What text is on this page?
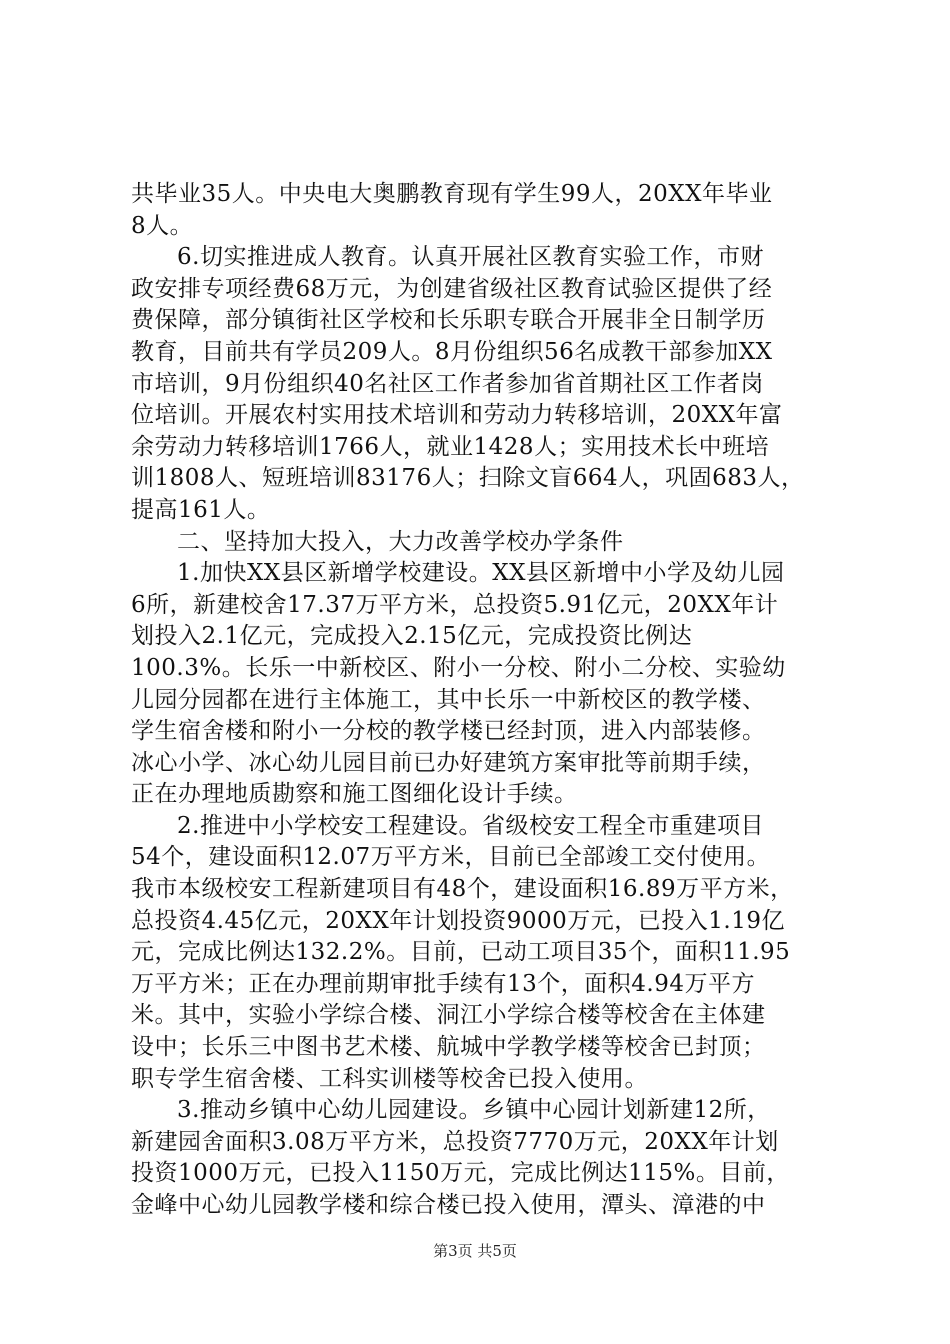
共毕业35人。中央电大奥鹏教育现有学生99人，20XX年毕业
8人。
6.切实推进成人教育。认真开展社区教育实验工作，市财
政安排专项经费68万元，为创建省级社区教育试验区提供了经
费保障，部分镇街社区学校和长乐职专联合开展非全日制学历
教育，目前共有学员209人。8月份组织56名成教干部参加XX
市培训，9月份组织40名社区工作者参加省首期社区工作者岗
位培训。开展农村实用技术培训和劳动力转移培训，20XX年富
余劳动力转移培训1766人，就业1428人；实用技术长中班培
训1808人、短班培训83176人；扫除文盲664人，巩固683人，
提高161人。
二、坚持加大投入，大力改善学校办学条件
1.加快XX县区新增学校建设。XX县区新增中小学及幼儿园
6所，新建校舍17.37万平方米，总投资5.91亿元，20XX年计
划投入2.1亿元，完成投入2.15亿元，完成投资比例达
100.3%。长乐一中新校区、附小一分校、附小二分校、实验幼
儿园分园都在进行主体施工，其中长乐一中新校区的教学楼、
学生宿舍楼和附小一分校的教学楼已经封顶，进入内部装修。
冰心小学、冰心幼儿园目前已办好建筑方案审批等前期手续，
正在办理地质勘察和施工图细化设计手续。
2.推进中小学校安工程建设。省级校安工程全市重建项目
54个，建设面积12.07万平方米，目前已全部竣工交付使用。
我市本级校安工程新建项目有48个，建设面积16.89万平方米，
总投资4.45亿元，20XX年计划投资9000万元，已投入1.19亿
元，完成比例达132.2%。目前，已动工项目35个，面积11.95
万平方米；正在办理前期审批手续有13个，面积4.94万平方
米。其中，实验小学综合楼、洞江小学综合楼等校舍在主体建
设中；长乐三中图书艺术楼、航城中学教学楼等校舍已封顶；
职专学生宿舍楼、工科实训楼等校舍已投入使用。
3.推动乡镇中心幼儿园建设。乡镇中心园计划新建12所，
新建园舍面积3.08万平方米，总投资7770万元，20XX年计划
投资1000万元，已投入1150万元，完成比例达115%。目前，
金峰中心幼儿园教学楼和综合楼已投入使用，潭头、漳港的中
第3页 共5页
